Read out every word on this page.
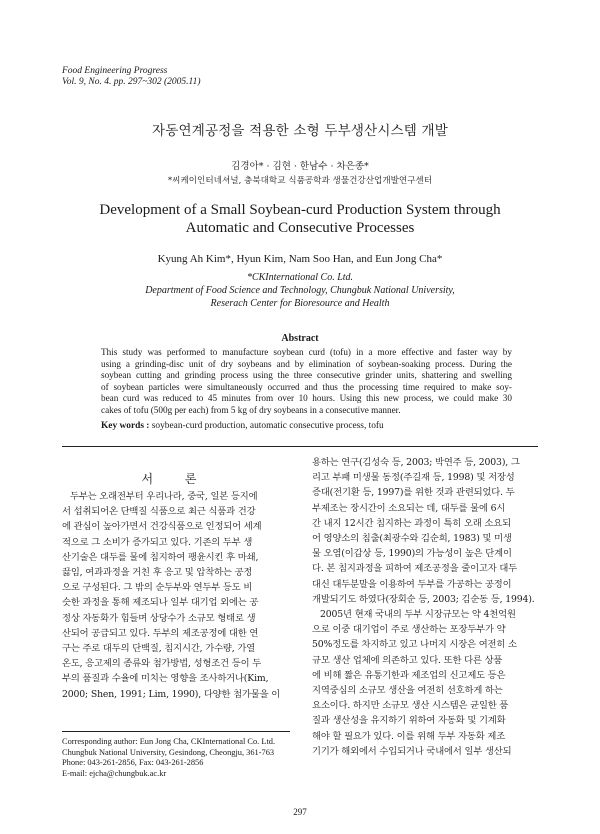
Food Engineering Progress
Vol. 9, No. 4. pp. 297~302 (2005.11)
자동연계공정을 적용한 소형 두부생산시스템 개발
김경아* · 김현 · 한남수 · 차은종*
*씨케이인터네셔널, 충북대학교 식품공학과 생물건강산업개발연구센터
Development of a Small Soybean-curd Production System through
Automatic and Consecutive Processes
Kyung Ah Kim*, Hyun Kim, Nam Soo Han, and Eun Jong Cha*
*CKInternational Co. Ltd.
Department of Food Science and Technology, Chungbuk National University,
Reserach Center for Bioresource and Health
Abstract
This study was performed to manufacture soybean curd (tofu) in a more effective and faster way by
using a grinding-disc unit of dry soybeans and by elimination of soybean-soaking process. During the
soybean cutting and grinding process using the three consecutive grinder units, shattering and swelling
of soybean particles were simultaneously occurred and thus the processing time required to make soy-
bean curd was reduced to 45 minutes from over 10 hours. Using this new process, we could make 30
cakes of tofu (500g per each) from 5 kg of dry soybeans in a consecutive manner.
Key words : soybean-curd production, automatic consecutive process, tofu
서 론
두부는 오래전부터 우리나라, 중국, 일본 등지에
서 섭취되어온 단백질 식품으로 최근 식품과 건강
에 관심이 높아가면서 건강식품으로 인정되어 세계
적으로 그 소비가 증가되고 있다. 기존의 두부 생
산기술은 대두를 물에 침지하여 팽윤시킨 후 마쇄,
끓임, 여과과정을 거친 후 응고 및 압착하는 공정
으로 구성된다. 그 밖의 순두부와 연두부 등도 비
슷한 과정을 통해 제조되나 일부 대기업 외에는 공
정상 자동화가 힘들며 상당수가 소규모 형태로 생
산되어 공급되고 있다. 두부의 제조공정에 대한 연
구는 주로 대두의 단백질, 침지시간, 가수량, 가열
온도, 응고제의 종류와 첨가방법, 성형조건 등이 두
부의 품질과 수율에 미치는 영향을 조사하거나(Kim,
2000; Shen, 1991; Lim, 1990), 다양한 첨가물을 이
용하는 연구(김성숙 등, 2003; 박연주 등, 2003), 그
리고 부패 미생물 동정(주길재 등, 1998) 및 저장성
증대(전기환 등, 1997)를 위한 것과 관련되었다. 두
부제조는 장시간이 소요되는 데, 대두를 물에 6시
간 내지 12시간 침지하는 과정이 특히 오래 소요되
어 영양소의 침출(최광수와 김순희, 1983) 및 미생
물 오염(이갑상 등, 1990)의 가능성이 높은 단계이
다. 본 침지과정을 피하여 제조공정을 줄이고자 대두
대신 대두분말을 이용하여 두부를 가공하는 공정이
개발되기도 하였다(장회순 등, 2003; 김순동 등, 1994).
2005년 현재 국내의 두부 시장규모는 약 4천억원
으로 이중 대기업이 주로 생산하는 포장두부가 약
50%정도를 차지하고 있고 나머지 시장은 여전히 소
규모 생산 업체에 의존하고 있다. 또한 다른 상품
에 비해 짧은 유통기한과 제조업의 신고제도 등은
지역중심의 소규모 생산을 여전히 선호하게 하는
요소이다. 하지만 소규모 생산 시스템은 균일한 품
질과 생산성을 유지하기 위하여 자동화 및 기계화
해야 할 필요가 있다. 이를 위해 두부 자동화 제조
기기가 해외에서 수입되거나 국내에서 일부 생산되
Corresponding author: Eun Jong Cha, CKInternational Co. Ltd.
Chungbuk National University, Gesindong, Cheongju, 361-763
Phone: 043-261-2856, Fax: 043-261-2856
E-mail: ejcha@chungbuk.ac.kr
297
